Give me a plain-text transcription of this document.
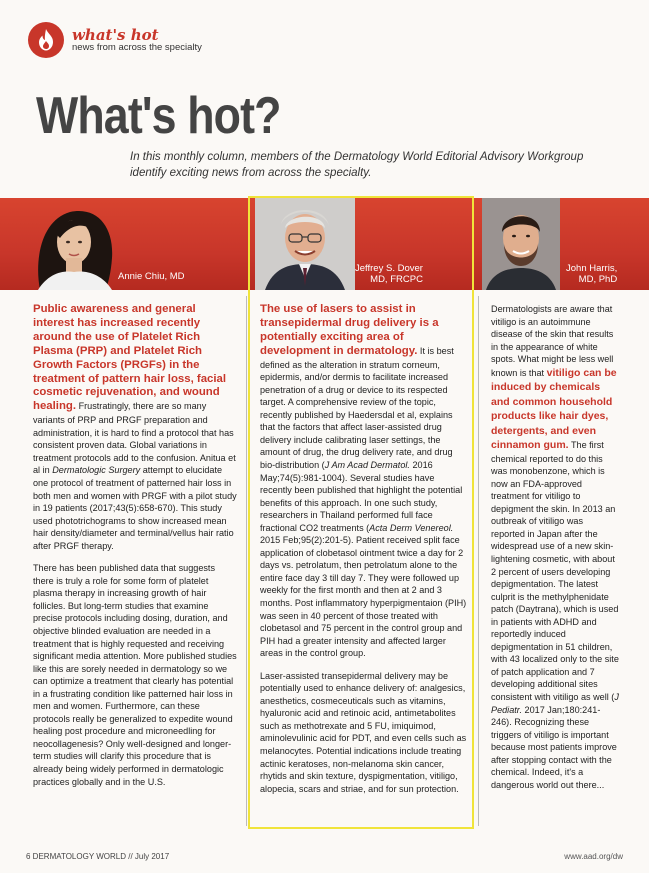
what's hot
news from across the specialty
What's hot?

In this monthly column, members of the Dermatology World Editorial Advisory Workgroup identify exciting news from across the specialty.

Annie Chiu, MD
Jeffrey S. Dover
MD, FRCPC
John Harris,
MD, PhD

Public awareness and general interest has increased recently around the use of Platelet Rich Plasma (PRP) and Platelet Rich Growth Factors (PRGFs) in the treatment of pattern hair loss, facial cosmetic rejuvenation, and wound healing. Frustratingly, there are so many variants of PRP and PRGF preparation and administration, it is hard to find a protocol that has consistent proven data. Global variations in treatment protocols add to the confusion. Anitua et al in Dermatologic Surgery attempt to elucidate one protocol of treatment of patterned hair loss in both men and women with PRGF with a pilot study in 19 patients (2017;43(5):658-670). This study used phototrichograms to show increased mean hair density/diameter and terminal/vellus hair ratio after PRGF therapy.

There has been published data that suggests there is truly a role for some form of platelet plasma therapy in increasing growth of hair follicles. But long-term studies that examine precise protocols including dosing, duration, and objective blinded evaluation are needed in a treatment that is highly requested and receiving significant media attention. More published studies like this are sorely needed in dermatology so we can optimize a treatment that clearly has potential in a frustrating condition like patterned hair loss in men and women. Furthermore, can these protocols really be generalized to expedite wound healing post procedure and microneedling for neocollagenesis? Only well-designed and longer-term studies will clarify this procedure that is already being widely performed in dermatologic practices globally and in the U.S.

The use of lasers to assist in transepidermal drug delivery is a potentially exciting area of development in dermatology. It is best defined as the alteration in stratum corneum, epidermis, and/or dermis to facilitate increased penetration of a drug or device to its respected target. A comprehensive review of the topic, recently published by Haedersdal et al, explains that the factors that affect laser-assisted drug delivery include calibrating laser settings, the amount of drug, the drug delivery rate, and drug bio-distribution (J Am Acad Dermatol. 2016 May;74(5):981-1004). Several studies have recently been published that highlight the potential benefits of this approach. In one such study, researchers in Thailand performed full face fractional CO2 treatments (Acta Derm Venereol. 2015 Feb;95(2):201-5). Patient received split face application of clobetasol ointment twice a day for 2 days vs. petrolatum, then petrolatum alone to the entire face day 3 till day 7. They were followed up weekly for the first month and then at 2 and 3 months. Post inflammatory hyperpigmentaion (PIH) was seen in 40 percent of those treated with clobetasol and 75 percent in the control group and PIH had a greater intensity and affected larger areas in the control group.

Laser-assisted transepidermal delivery may be potentially used to enhance delivery of: analgesics, anesthetics, cosmeceuticals such as vitamins, hyaluronic acid and retinoic acid, antimetabolites such as methotrexate and 5 FU, imiquimod, aminolevulinic acid for PDT, and even cells such as melanocytes. Potential indications include treating actinic keratoses, non-melanoma skin cancer, rhytids and skin texture, dyspigmentation, vitiligo, alopecia, scars and striae, and for sun protection.

Dermatologists are aware that vitiligo is an autoimmune disease of the skin that results in the appearance of white spots. What might be less well known is that vitiligo can be induced by chemicals and common household products like hair dyes, detergents, and even cinnamon gum. The first chemical reported to do this was monobenzone, which is now an FDA-approved treatment for vitiligo to depigment the skin. In 2013 an outbreak of vitiligo was reported in Japan after the widespread use of a new skin-lightening cosmetic, with about 2 percent of users developing depigmentation. The latest culprit is the methylphenidate patch (Daytrana), which is used in patients with ADHD and reportedly induced depigmentation in 51 children, with 43 localized only to the site of patch application and 7 developing additional sites consistent with vitiligo as well (J Pediatr. 2017 Jan;180:241-246). Recognizing these triggers of vitiligo is important because most patients improve after stopping contact with the chemical. Indeed, it's a dangerous world out there...

6 DERMATOLOGY WORLD // July 2017	www.aad.org/dw
